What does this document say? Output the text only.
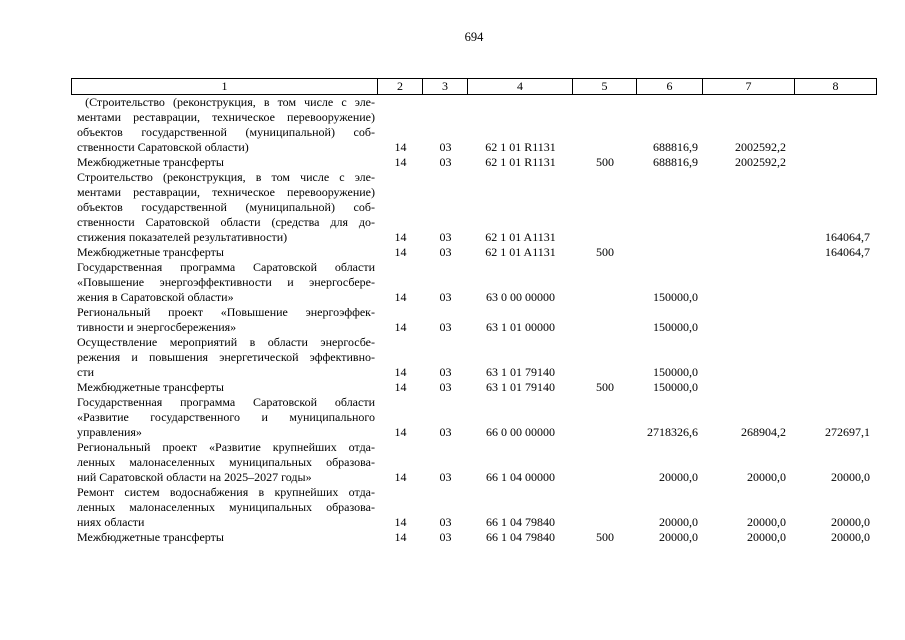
694
1	2	3	4	5	6	7	8
(Строительство (реконструкция, в том числе с эле-
ментами реставрации, техническое перевооружение)
объектов государственной (муниципальной) соб-
ственности Саратовской области)	14	03	62 1 01 R1131		688816,9	2002592,2	

Межбюджетные трансферты	14	03	62 1 01 R1131	500	688816,9	2002592,2	

Строительство (реконструкция, в том числе с эле-
ментами реставрации, техническое перевооружение)
объектов государственной (муниципальной) соб-
ственности Саратовской области (средства для до-
стижения показателей результативности)	14	03	62 1 01 A1131				164064,7

Межбюджетные трансферты	14	03	62 1 01 A1131	500			164064,7

Государственная программа Саратовской области
«Повышение энергоэффективности и энергосбере-
жения в Саратовской области»	14	03	63 0 00 00000		150000,0		

Региональный проект «Повышение энергоэффек-
тивности и энергосбережения»	14	03	63 1 01 00000		150000,0		

Осуществление мероприятий в области энергосбе-
режения и повышения энергетической эффективно-
сти	14	03	63 1 01 79140		150000,0		

Межбюджетные трансферты	14	03	63 1 01 79140	500	150000,0		

Государственная программа Саратовской области
«Развитие государственного и муниципального
управления»	14	03	66 0 00 00000		2718326,6	268904,2	272697,1

Региональный проект «Развитие крупнейших отда-
ленных малонаселенных муниципальных образова-
ний Саратовской области на 2025–2027 годы»	14	03	66 1 04 00000		20000,0	20000,0	20000,0

Ремонт систем водоснабжения в крупнейших отда-
ленных малонаселенных муниципальных образова-
ниях области	14	03	66 1 04 79840		20000,0	20000,0	20000,0

Межбюджетные трансферты	14	03	66 1 04 79840	500	20000,0	20000,0	20000,0
